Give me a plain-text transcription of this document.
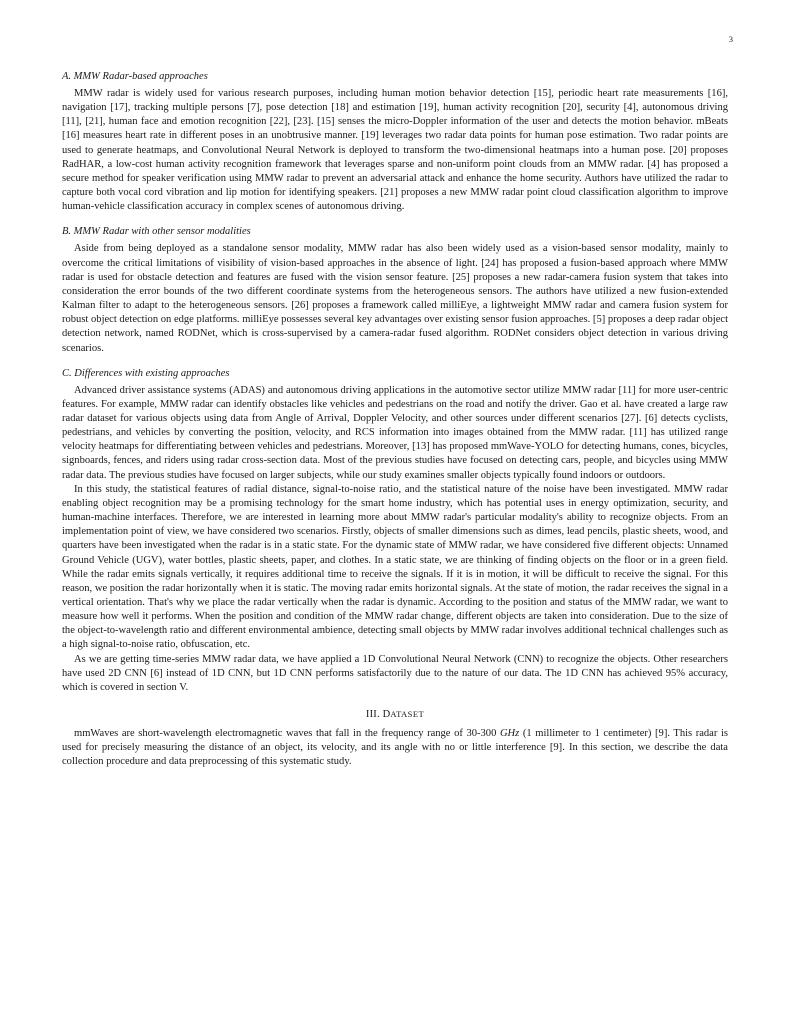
3
A. MMW Radar-based approaches

MMW radar is widely used for various research purposes, including human motion behavior detection [15], periodic heart rate measurements [16], navigation [17], tracking multiple persons [7], pose detection [18] and estimation [19], human activity recognition [20], security [4], autonomous driving [11], [21], human face and emotion recognition [22], [23]. [15] senses the micro-Doppler information of the user and detects the motion behavior. mBeats [16] measures heart rate in different poses in an unobtrusive manner. [19] leverages two radar data points for human pose estimation. Two radar points are used to generate heatmaps, and Convolutional Neural Network is deployed to transform the two-dimensional heatmaps into a human pose. [20] proposes RadHAR, a low-cost human activity recognition framework that leverages sparse and non-uniform point clouds from an MMW radar. [4] has proposed a secure method for speaker verification using MMW radar to prevent an adversarial attack and enhance the home security. Authors have utilized the radar to capture both vocal cord vibration and lip motion for identifying speakers. [21] proposes a new MMW radar point cloud classification algorithm to improve human-vehicle classification accuracy in complex scenes of autonomous driving.

B. MMW Radar with other sensor modalities

Aside from being deployed as a standalone sensor modality, MMW radar has also been widely used as a vision-based sensor modality, mainly to overcome the critical limitations of visibility of vision-based approaches in the absence of light. [24] has proposed a fusion-based approach where MMW radar is used for obstacle detection and features are fused with the vision sensor feature. [25] proposes a new radar-camera fusion system that takes into consideration the error bounds of the two different coordinate systems from the heterogeneous sensors. The authors have utilized a new fusion-extended Kalman filter to adapt to the heterogeneous sensors. [26] proposes a framework called milliEye, a lightweight MMW radar and camera fusion system for robust object detection on edge platforms. milliEye possesses several key advantages over existing sensor fusion approaches. [5] proposes a deep radar object detection network, named RODNet, which is cross-supervised by a camera-radar fused algorithm. RODNet considers object detection in various driving scenarios.

C. Differences with existing approaches

Advanced driver assistance systems (ADAS) and autonomous driving applications in the automotive sector utilize MMW radar [11] for more user-centric features. For example, MMW radar can identify obstacles like vehicles and pedestrians on the road and notify the driver. Gao et al. have created a large raw radar dataset for various objects using data from Angle of Arrival, Doppler Velocity, and other sources under different scenarios [27]. [6] detects cyclists, pedestrians, and vehicles by converting the position, velocity, and RCS information into images obtained from the MMW radar. [11] has utilized range velocity heatmaps for differentiating between vehicles and pedestrians. Moreover, [13] has proposed mmWave-YOLO for detecting humans, cones, bicycles, signboards, fences, and riders using radar cross-section data. Most of the previous studies have focused on detecting cars, people, and bicycles using MMW radar data. The previous studies have focused on larger subjects, while our study examines smaller objects typically found indoors or outdoors.

In this study, the statistical features of radial distance, signal-to-noise ratio, and the statistical nature of the noise have been investigated. MMW radar enabling object recognition may be a promising technology for the smart home industry, which has potential uses in energy optimization, security, and human-machine interfaces. Therefore, we are interested in learning more about MMW radar's particular modality's ability to recognize objects. From an implementation point of view, we have considered two scenarios. Firstly, objects of smaller dimensions such as dimes, lead pencils, plastic sheets, wood, and quarters have been investigated when the radar is in a static state. For the dynamic state of MMW radar, we have considered five different objects: Unnamed Ground Vehicle (UGV), water bottles, plastic sheets, paper, and clothes. In a static state, we are thinking of finding objects on the floor or in a green field. While the radar emits signals vertically, it requires additional time to receive the signals. If it is in motion, it will be difficult to receive the signal. For this reason, we position the radar horizontally when it is static. The moving radar emits horizontal signals. At the state of motion, the radar receives the signal in a vertical orientation. That's why we place the radar vertically when the radar is dynamic. According to the position and status of the MMW radar, we want to measure how well it performs. When the position and condition of the MMW radar change, different objects are taken into consideration. Due to the size of the object-to-wavelength ratio and different environmental ambience, detecting small objects by MMW radar involves additional technical challenges such as a high signal-to-noise ratio, obfuscation, etc.

As we are getting time-series MMW radar data, we have applied a 1D Convolutional Neural Network (CNN) to recognize the objects. Other researchers have used 2D CNN [6] instead of 1D CNN, but 1D CNN performs satisfactorily due to the nature of our data. The 1D CNN has achieved 95% accuracy, which is covered in section V.

III. DATASET

mmWaves are short-wavelength electromagnetic waves that fall in the frequency range of 30-300 GHz (1 millimeter to 1 centimeter) [9]. This radar is used for precisely measuring the distance of an object, its velocity, and its angle with no or little interference [9]. In this section, we describe the data collection procedure and data preprocessing of this systematic study.
